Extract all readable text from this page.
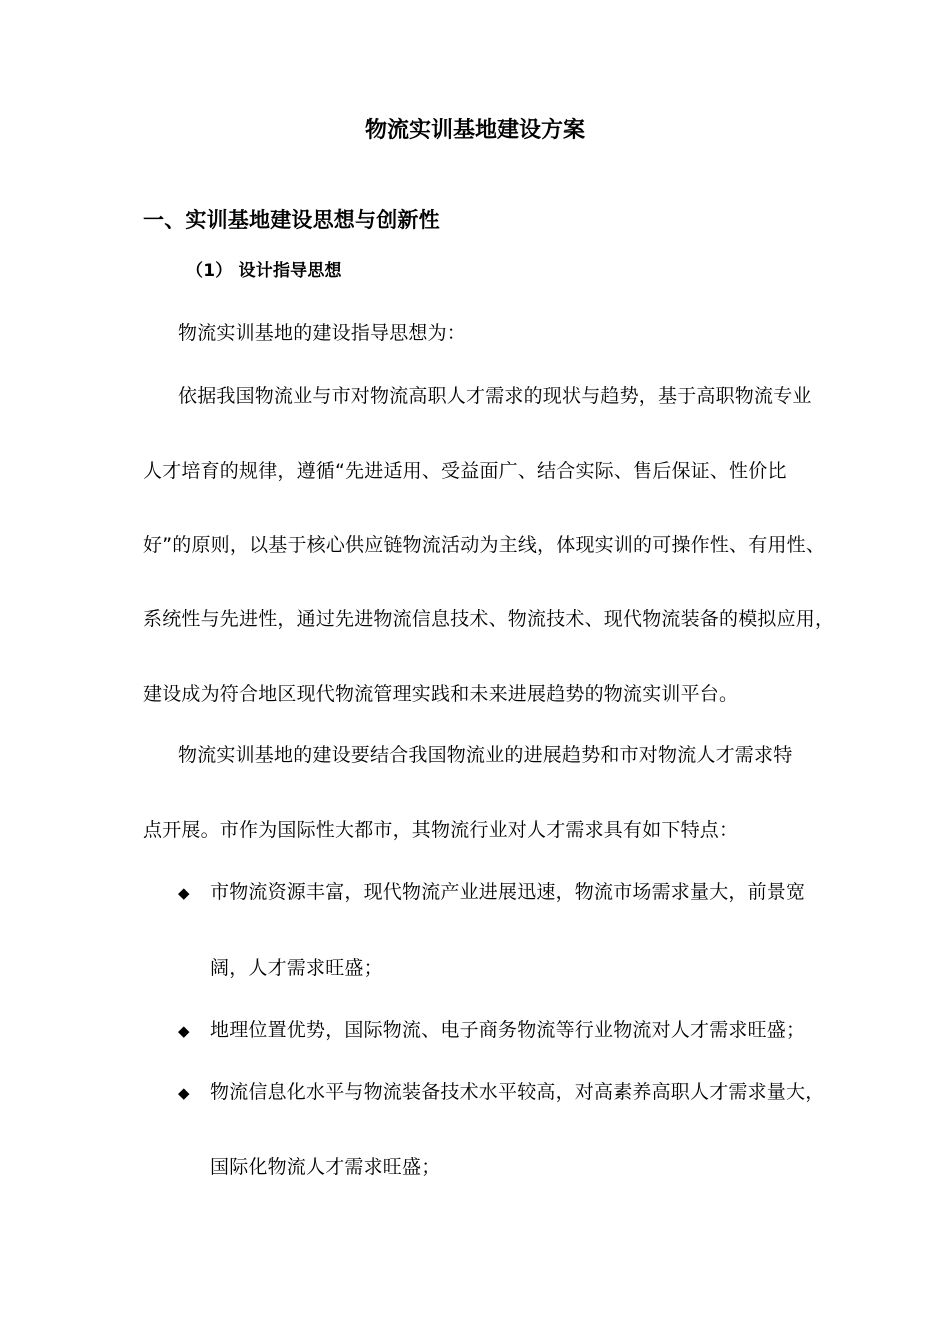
物流实训基地建设方案
一、实训基地建设思想与创新性
（1） 设计指导思想
物流实训基地的建设指导思想为：
依据我国物流业与市对物流高职人才需求的现状与趋势，基于高职物流专业
人才培育的规律，遵循“先进适用、受益面广、结合实际、售后保证、性价比
好”的原则，以基于核心供应链物流活动为主线，体现实训的可操作性、有用性、
系统性与先进性，通过先进物流信息技术、物流技术、现代物流装备的模拟应用，
建设成为符合地区现代物流管理实践和未来进展趋势的物流实训平台。
物流实训基地的建设要结合我国物流业的进展趋势和市对物流人才需求特
点开展。市作为国际性大都市，其物流行业对人才需求具有如下特点：
◆ 市物流资源丰富，现代物流产业进展迅速，物流市场需求量大，前景宽
阔，人才需求旺盛；
◆ 地理位置优势，国际物流、电子商务物流等行业物流对人才需求旺盛；
◆ 物流信息化水平与物流装备技术水平较高，对高素养高职人才需求量大，
国际化物流人才需求旺盛；
